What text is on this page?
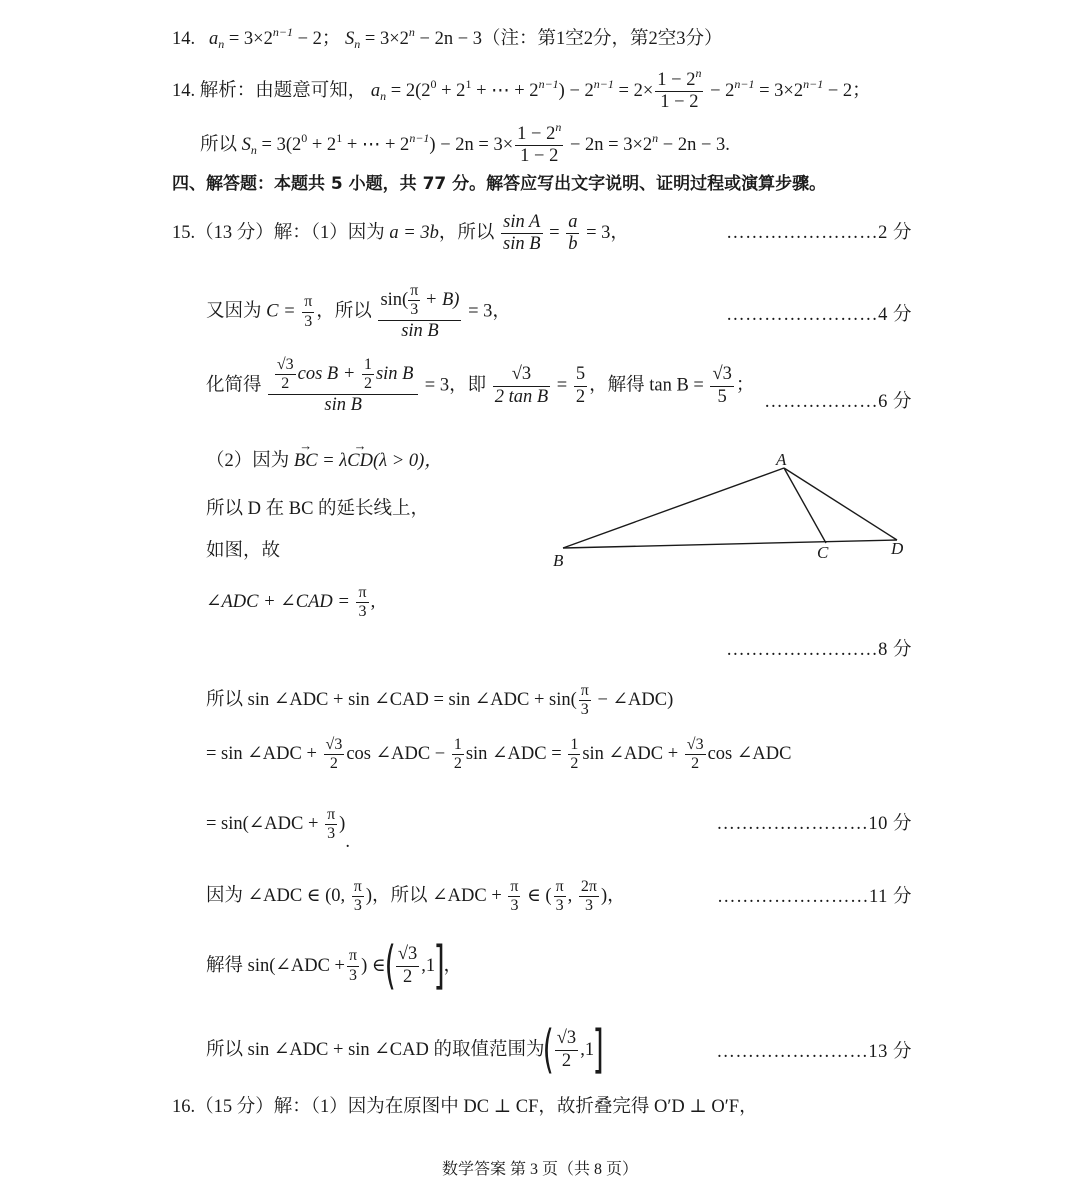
14. $a_n = 3\times 2^{n-1} - 2$； $S_n = 3\times 2^n - 2n - 3$（注：第1空2分，第2空3分）
14. 解析：由题意可知， $a_n = 2(2^0 + 2^1$ + ⋯ + $2^{n-1}) - 2^{n-1} = 2\times \frac{1 - 2^n}{1 - 2} - 2^{n-1} = 3\times 2^{n-1} - 2$；
所以 $S_n = 3(2^0 + 2^1$ + ⋯ + $2^{n-1}) - 2n = 3\times \frac{1 - 2^n}{1 - 2} - 2n = 3\times 2^n - 2n - 3$.
四、解答题：本题共 5 小题，共 77 分。解答应写出文字说明、证明过程或演算步骤。
15.（13 分）解：（1）因为 a = 3b，所以 $\frac{\text{sin A}}{\text{sin B}} = \frac{a}{b} = 3$，	……………………2 分
又因为 $C = \frac{\pi}{3}$ ，所以 $\frac{\sin( \frac{\pi}{3} + B)}{\text{sin B}} = 3$，	……………………4 分
化简得 $\frac{\frac{√3}{2} \cos B + \frac{1}{2} \sin B}{\text{sin B}} = 3$，即 $\frac{√3}{\text{2 tan B}} = \frac{5}{2}$ ，解得 $\tan B = \frac{√3}{5}$ ；
………………6 分
（2）因为 → BC = λ→ CD(λ > 0)，
所以 D 在 BC 的延长线上，
如图，故
∠ADC + ∠CAD = $\frac{\pi}{3}$ ,
……………………8 分
所以 sin ∠ADC + sin ∠CAD = sin ∠ADC + $\sin( \frac{\pi}{3}$ − ∠ADC)
= sin ∠ADC + $\frac{√3}{2}$ cos ∠ADC − $\frac{1}{2}$ sin ∠ADC = $\frac{1}{2}$ sin ∠ADC + $\frac{√3}{2}$ cos ∠ADC
= sin(∠ADC + $\frac{\pi}{3}$ ).
……………………10 分
因为 ∠ADC ∈ (0, $\frac{\pi}{3}$ )，所以 ∠ADC + $\frac{\pi}{3}$ ∈ ( $\frac{\pi}{3}$ , $\frac{2\pi}{3}$ )，	……………………11 分
解得 sin(∠ADC + $\frac{\pi}{3}$ ) ∈( $\frac{√3}{2} ,1$]，
所以 sin ∠ADC + sin ∠CAD 的取值范围为( $\frac{√3}{2} ,1$]	……………………13 分
A
B	C	D
16.（15 分）解：（1）因为在原图中 DC ⊥ CF，故折叠完得 O′D ⊥ O′F，
数学答案 第 3 页（共 8 页）
